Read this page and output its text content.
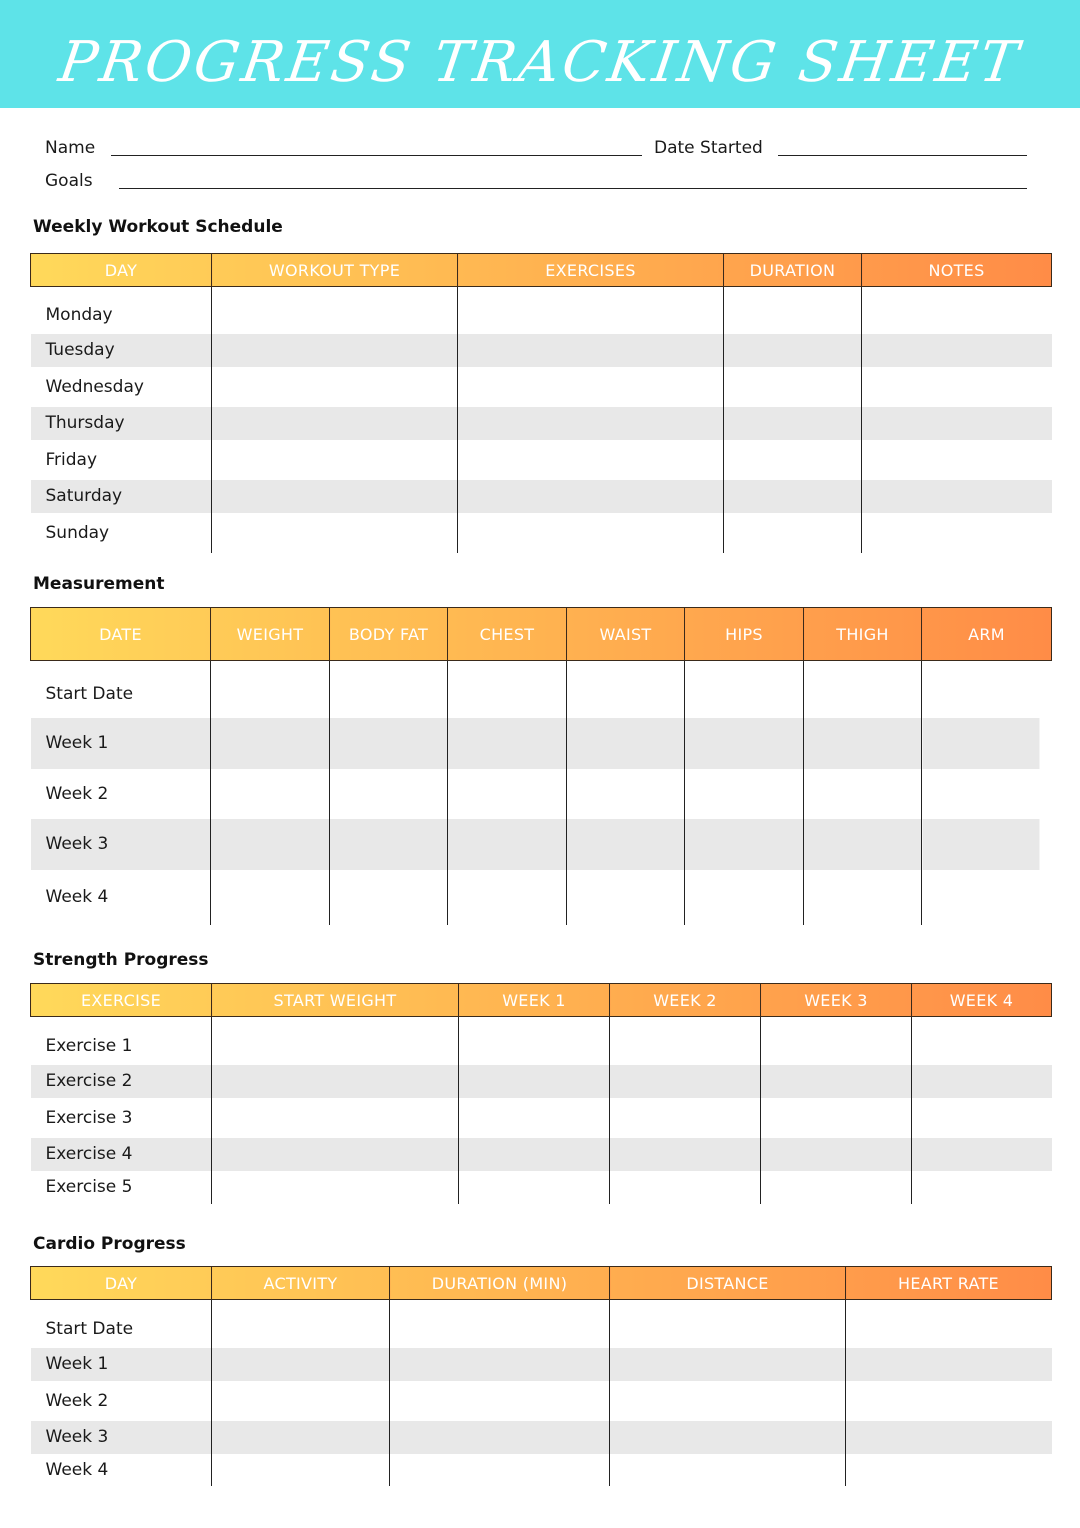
PROGRESS TRACKING SHEET
Name	Date Started
Goals
Weekly Workout Schedule
DAY	WORKOUT TYPE	EXERCISES	DURATION	NOTES
Monday				
Tuesday				
Wednesday				
Thursday				
Friday				
Saturday				
Sunday				
Measurement
DATE	WEIGHT	BODY FAT	CHEST	WAIST	HIPS	THIGH	ARM
Start Date							
Week 1							
Week 2							
Week 3							
Week 4							
Strength Progress
EXERCISE	START WEIGHT	WEEK 1	WEEK 2	WEEK 3	WEEK 4
Exercise 1					
Exercise 2					
Exercise 3					
Exercise 4					
Exercise 5					
Cardio Progress
DAY	ACTIVITY	DURATION (MIN)	DISTANCE	HEART RATE
Start Date				
Week 1				
Week 2				
Week 3				
Week 4				
